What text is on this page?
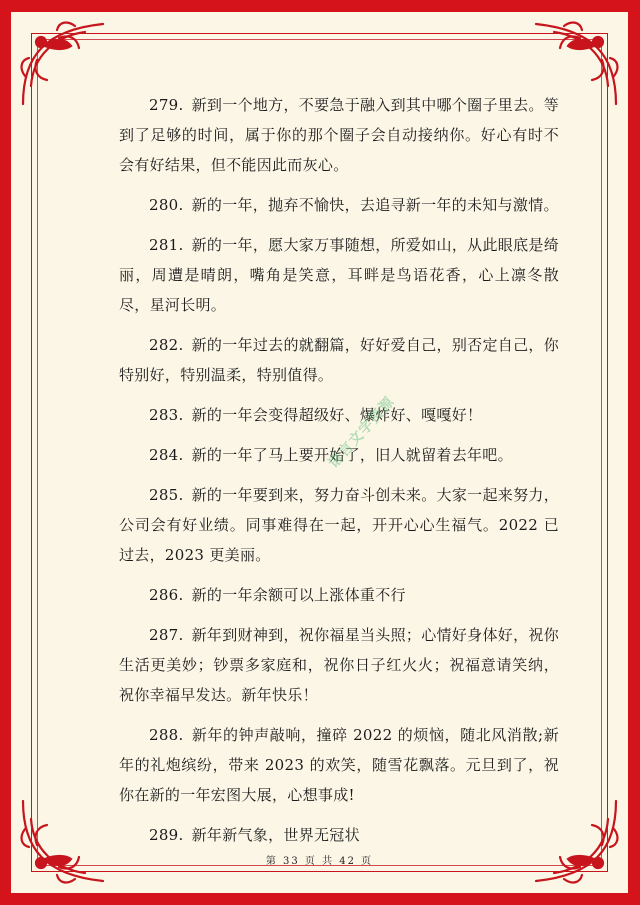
279. 新到一个地方，不要急于融入到其中哪个圈子里去。等到了足够的时间，属于你的那个圈子会自动接纳你。好心有时不会有好结果，但不能因此而灰心。

280. 新的一年，抛弃不愉快，去追寻新一年的未知与激情。

281. 新的一年，愿大家万事随想，所爱如山，从此眼底是绮丽，周遭是晴朗，嘴角是笑意，耳畔是鸟语花香，心上凛冬散尽，星河长明。

282. 新的一年过去的就翻篇，好好爱自己，别否定自己，你特别好，特别温柔，特别值得。

283. 新的一年会变得超级好、爆炸好、嘎嘎好！

284. 新的一年了马上要开始了，旧人就留着去年吧。

285. 新的一年要到来，努力奋斗创未来。大家一起来努力，公司会有好业绩。同事难得在一起，开开心心生福气。2022 已过去，2023 更美丽。

286. 新的一年余额可以上涨体重不行

287. 新年到财神到，祝你福星当头照；心情好身体好，祝你生活更美妙；钞票多家庭和，祝你日子红火火；祝福意请笑纳，祝你幸福早发达。新年快乐！

288. 新年的钟声敲响，撞碎 2022 的烦恼，随北风消散;新年的礼炮缤纷，带来 2023 的欢笑，随雪花飘落。元旦到了，祝你在新的一年宏图大展，心想事成!

289. 新年新气象，世界无冠状

语言文字资源
第 33 页 共 42 页
